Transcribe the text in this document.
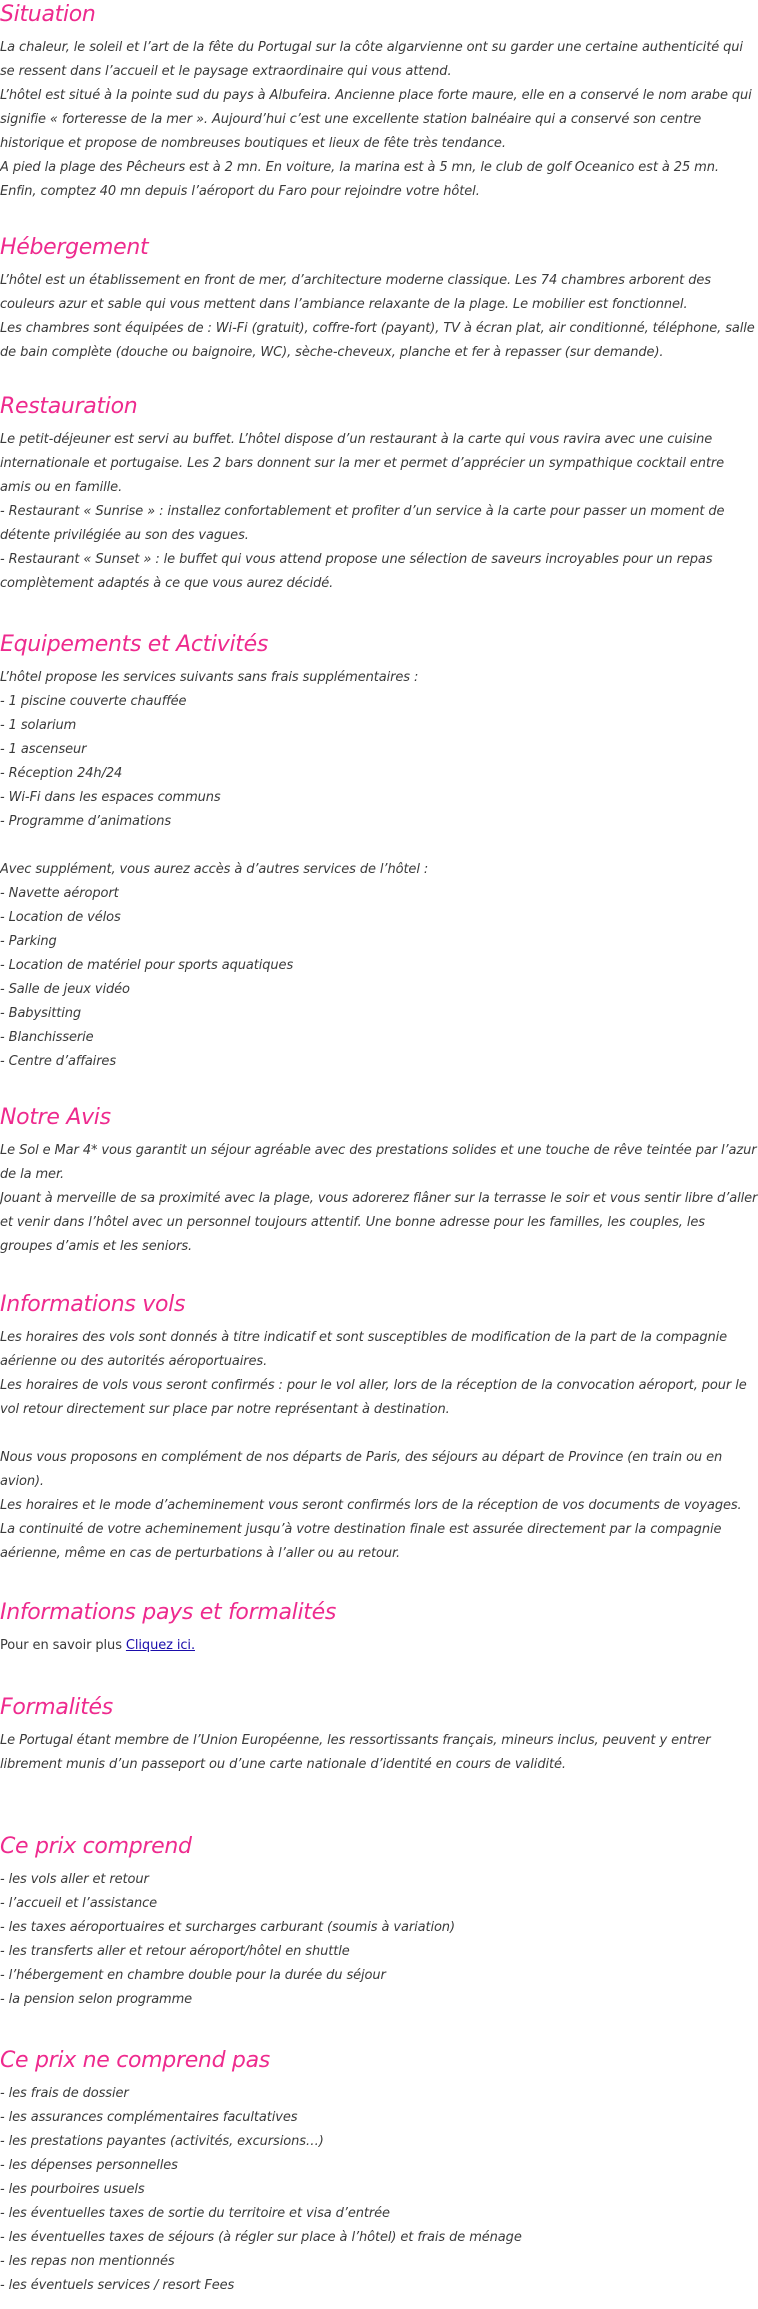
Situation
La chaleur, le soleil et l’art de la fête du Portugal sur la côte algarvienne ont su garder une certaine authenticité qui se ressent dans l’accueil et le paysage extraordinaire qui vous attend.
L’hôtel est situé à la pointe sud du pays à Albufeira. Ancienne place forte maure, elle en a conservé le nom arabe qui signifie « forteresse de la mer ». Aujourd’hui c’est une excellente station balnéaire qui a conservé son centre historique et propose de nombreuses boutiques et lieux de fête très tendance.
A pied la plage des Pêcheurs est à 2 mn. En voiture, la marina est à 5 mn, le club de golf Oceanico est à 25 mn.
Enfin, comptez 40 mn depuis l’aéroport du Faro pour rejoindre votre hôtel.
Hébergement
L’hôtel est un établissement en front de mer, d’architecture moderne classique. Les 74 chambres arborent des couleurs azur et sable qui vous mettent dans l’ambiance relaxante de la plage. Le mobilier est fonctionnel.
Les chambres sont équipées de : Wi-Fi (gratuit), coffre-fort (payant), TV à écran plat, air conditionné, téléphone, salle de bain complète (douche ou baignoire, WC), sèche-cheveux, planche et fer à repasser (sur demande).
Restauration
Le petit-déjeuner est servi au buffet. L’hôtel dispose d’un restaurant à la carte qui vous ravira avec une cuisine internationale et portugaise. Les 2 bars donnent sur la mer et permet d’apprécier un sympathique cocktail entre amis ou en famille.
- Restaurant « Sunrise » : installez confortablement et profiter d’un service à la carte pour passer un moment de détente privilégiée au son des vagues.
- Restaurant « Sunset » : le buffet qui vous attend propose une sélection de saveurs incroyables pour un repas complètement adaptés à ce que vous aurez décidé.
Equipements et Activités
L’hôtel propose les services suivants sans frais supplémentaires :
- 1 piscine couverte chauffée
- 1 solarium
- 1 ascenseur
- Réception 24h/24
- Wi-Fi dans les espaces communs
- Programme d’animations
Avec supplément, vous aurez accès à d’autres services de l’hôtel :
- Navette aéroport
- Location de vélos
- Parking
- Location de matériel pour sports aquatiques
- Salle de jeux vidéo
- Babysitting
- Blanchisserie
- Centre d’affaires
Notre Avis
Le Sol e Mar 4* vous garantit un séjour agréable avec des prestations solides et une touche de rêve teintée par l’azur de la mer.
Jouant à merveille de sa proximité avec la plage, vous adorerez flâner sur la terrasse le soir et vous sentir libre d’aller et venir dans l’hôtel avec un personnel toujours attentif. Une bonne adresse pour les familles, les couples, les groupes d’amis et les seniors.
Informations vols
Les horaires des vols sont donnés à titre indicatif et sont susceptibles de modification de la part de la compagnie aérienne ou des autorités aéroportuaires.
Les horaires de vols vous seront confirmés : pour le vol aller, lors de la réception de la convocation aéroport, pour le vol retour directement sur place par notre représentant à destination.
Nous vous proposons en complément de nos départs de Paris, des séjours au départ de Province (en train ou en avion).
Les horaires et le mode d’acheminement vous seront confirmés lors de la réception de vos documents de voyages.
La continuité de votre acheminement jusqu’à votre destination finale est assurée directement par la compagnie aérienne, même en cas de perturbations à l’aller ou au retour.
Informations pays et formalités
Pour en savoir plus Cliquez ici.
Formalités
Le Portugal étant membre de l’Union Européenne, les ressortissants français, mineurs inclus, peuvent y entrer librement munis d’un passeport ou d’une carte nationale d’identité en cours de validité.
Ce prix comprend
- les vols aller et retour
- l’accueil et l’assistance
- les taxes aéroportuaires et surcharges carburant (soumis à variation)
- les transferts aller et retour aéroport/hôtel en shuttle
- l’hébergement en chambre double pour la durée du séjour
- la pension selon programme
Ce prix ne comprend pas
- les frais de dossier
- les assurances complémentaires facultatives
- les prestations payantes (activités, excursions…)
- les dépenses personnelles
- les pourboires usuels
- les éventuelles taxes de sortie du territoire et visa d’entrée
- les éventuelles taxes de séjours (à régler sur place à l’hôtel) et frais de ménage
- les repas non mentionnés
- les éventuels services / resort Fees
